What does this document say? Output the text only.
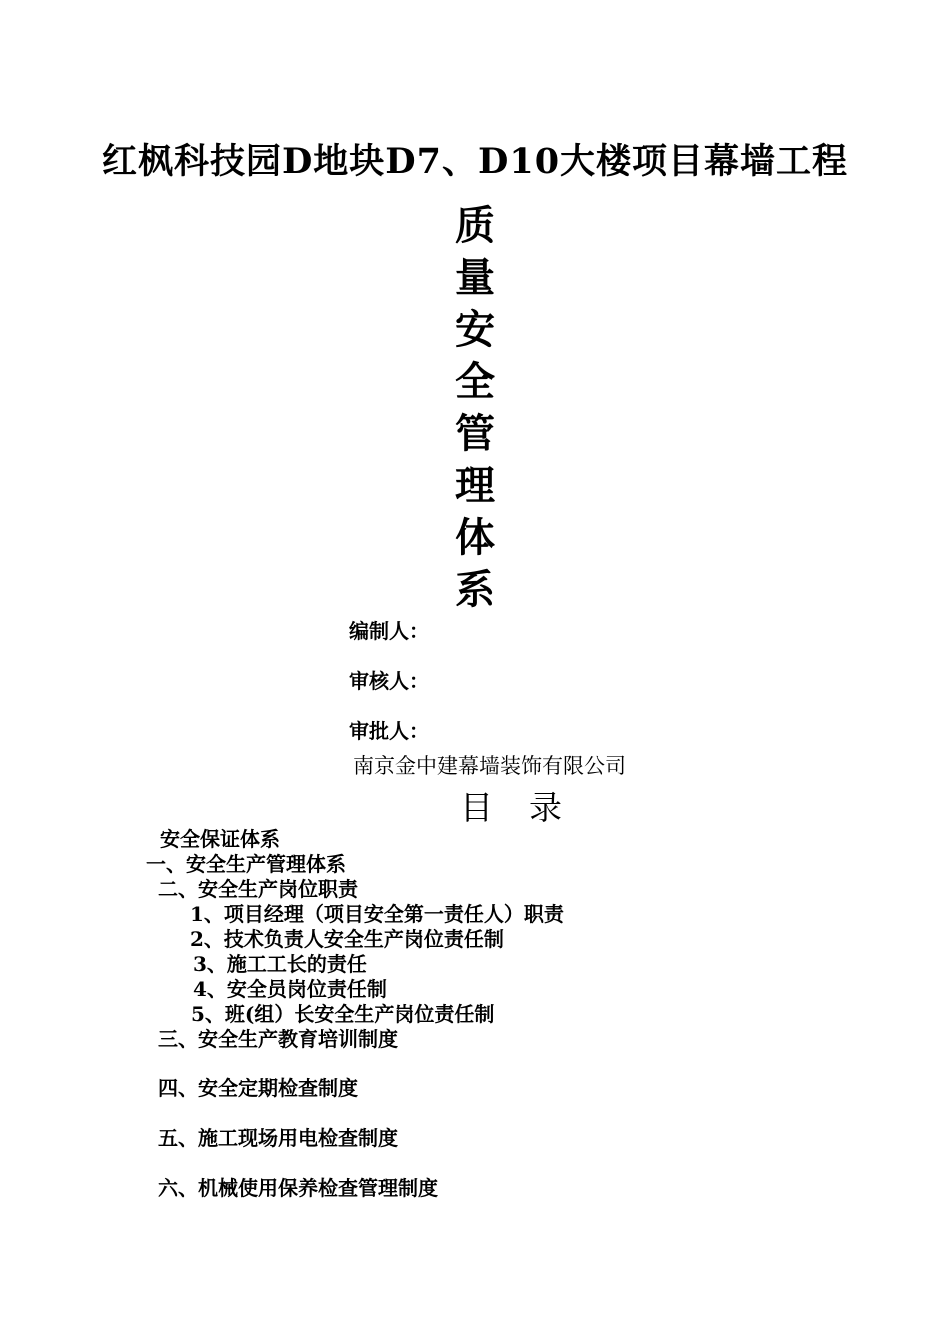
红枫科技园D地块D7、D10大楼项目幕墙工程
质
量
安
全
管
理
体
系
编制人：
审核人：
审批人：
南京金中建幕墙装饰有限公司
目录
安全保证体系
一、安全生产管理体系
二、安全生产岗位职责
1、项目经理（项目安全第一责任人）职责
2、技术负责人安全生产岗位责任制
3、施工工长的责任
4、安全员岗位责任制
5、班(组）长安全生产岗位责任制
三、安全生产教育培训制度
四、安全定期检查制度
五、施工现场用电检查制度
六、机械使用保养检查管理制度
